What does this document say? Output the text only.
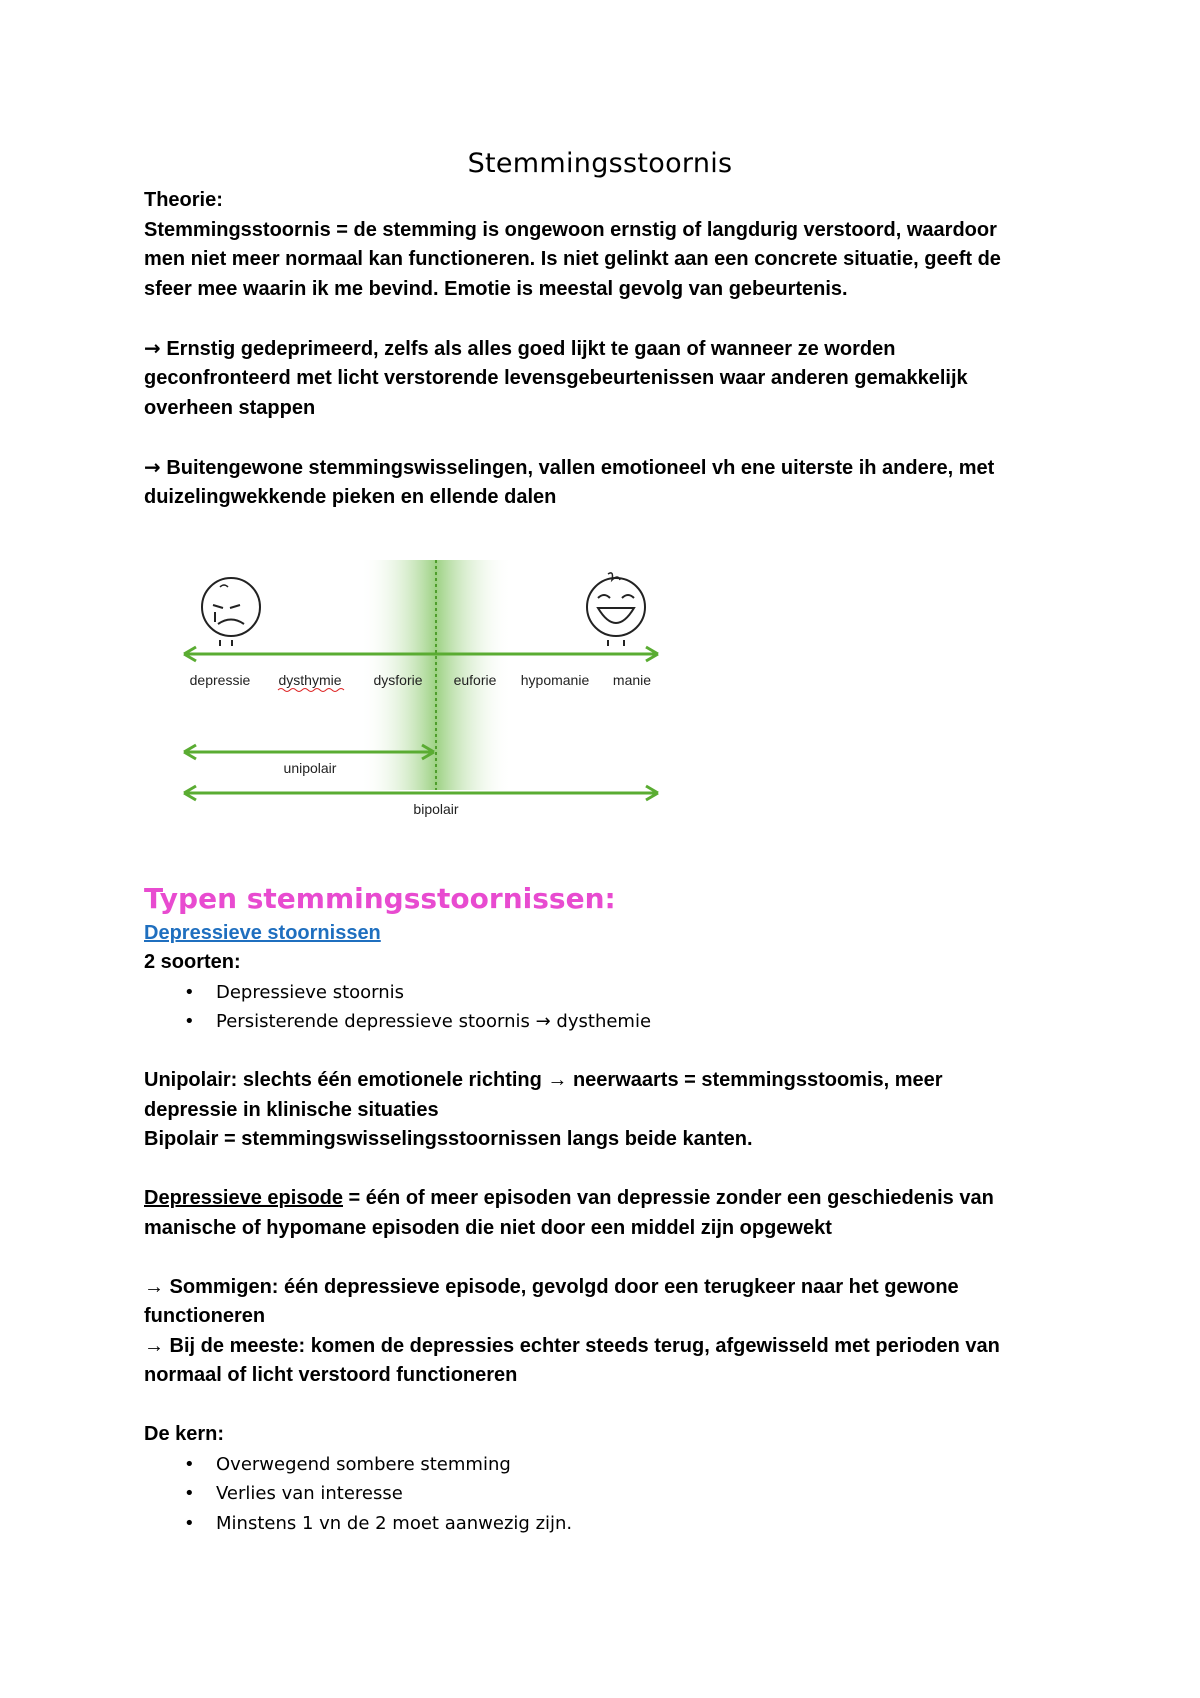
Stemmingsstoornis

Theorie:

Stemmingsstoornis = de stemming is ongewoon ernstig of langdurig verstoord, waardoor

men niet meer normaal kan functioneren. Is niet gelinkt aan een concrete situatie, geeft de

sfeer mee waarin ik me bevind. Emotie is meestal gevolg van gebeurtenis.

→ Ernstig gedeprimeerd, zelfs als alles goed lijkt te gaan of wanneer ze worden

geconfronteerd met licht verstorende levensgebeurtenissen waar anderen gemakkelijk

overheen stappen

→ Buitengewone stemmingswisselingen, vallen emotioneel vh ene uiterste ih andere, met

duizelingwekkende pieken en ellende dalen

depressie dysthymie dysforie euforie hypomanie manie
unipolair
bipolair

Typen stemmingsstoornissen:

Depressieve stoornissen

2 soorten:

• Depressieve stoornis
• Persisterende depressieve stoornis → dysthemie

Unipolair: slechts één emotionele richting → neerwaarts = stemmingsstoomis, meer

depressie in klinische situaties

Bipolair = stemmingswisselingsstoornissen langs beide kanten.

Depressieve episode = één of meer episoden van depressie zonder een geschiedenis van

manische of hypomane episoden die niet door een middel zijn opgewekt

→ Sommigen: één depressieve episode, gevolgd door een terugkeer naar het gewone

functioneren

→ Bij de meeste: komen de depressies echter steeds terug, afgewisseld met perioden van

normaal of licht verstoord functioneren

De kern:

• Overwegend sombere stemming
• Verlies van interesse
• Minstens 1 vn de 2 moet aanwezig zijn.
